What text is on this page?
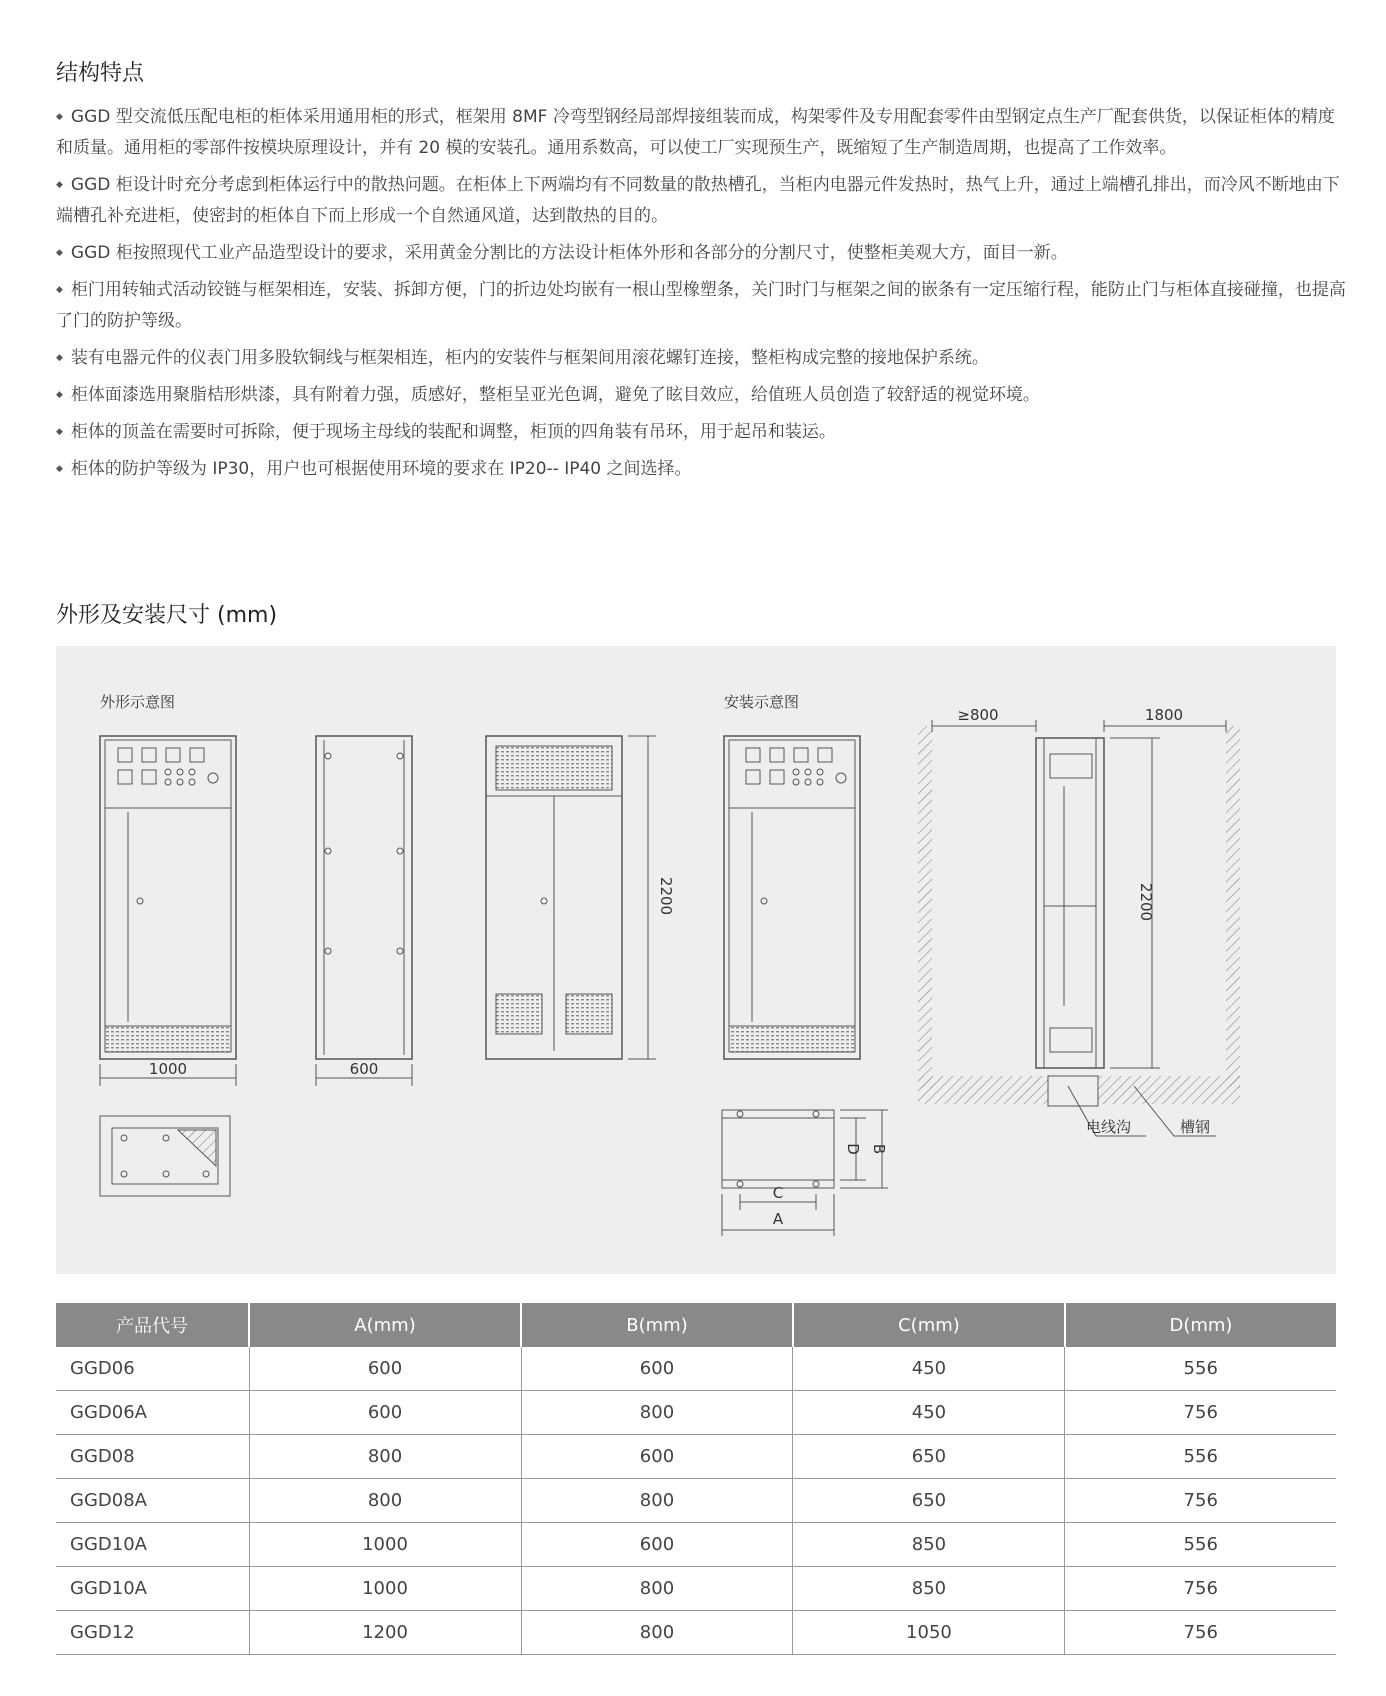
结构特点
◆ GGD 型交流低压配电柜的柜体采用通用柜的形式，框架用 8MF 冷弯型钢经局部焊接组装而成，构架零件及专用配套零件由型钢定点生产厂配套供货，以保证柜体的精度和质量。通用柜的零部件按模块原理设计，并有 20 模的安装孔。通用系数高，可以使工厂实现预生产，既缩短了生产制造周期，也提高了工作效率。
◆ GGD 柜设计时充分考虑到柜体运行中的散热问题。在柜体上下两端均有不同数量的散热槽孔，当柜内电器元件发热时，热气上升，通过上端槽孔排出，而冷风不断地由下端槽孔补充进柜，使密封的柜体自下而上形成一个自然通风道，达到散热的目的。
◆ GGD 柜按照现代工业产品造型设计的要求，采用黄金分割比的方法设计柜体外形和各部分的分割尺寸，使整柜美观大方，面目一新。
◆ 柜门用转轴式活动铰链与框架相连，安装、拆卸方便，门的折边处均嵌有一根山型橡塑条，关门时门与框架之间的嵌条有一定压缩行程，能防止门与柜体直接碰撞，也提高了门的防护等级。
◆ 装有电器元件的仪表门用多股软铜线与框架相连，柜内的安装件与框架间用滚花螺钉连接，整柜构成完整的接地保护系统。
◆ 柜体面漆选用聚脂桔形烘漆，具有附着力强，质感好，整柜呈亚光色调，避免了眩目效应，给值班人员创造了较舒适的视觉环境。
◆ 柜体的顶盖在需要时可拆除，便于现场主母线的装配和调整，柜顶的四角装有吊环，用于起吊和装运。
◆ 柜体的防护等级为 IP30，用户也可根据使用环境的要求在 IP20-- IP40 之间选择。
外形及安装尺寸 (mm)
外形示意图	安装示意图
1000	600
2200
C
A
D B
≥800	1800
2200
电线沟	槽钢
产品代号	A(mm)	B(mm)	C(mm)	D(mm)
GGD06	600	600	450	556
GGD06A	600	800	450	756
GGD08	800	600	650	556
GGD08A	800	800	650	756
GGD10A	1000	600	850	556
GGD10A	1000	800	850	756
GGD12	1200	800	1050	756
